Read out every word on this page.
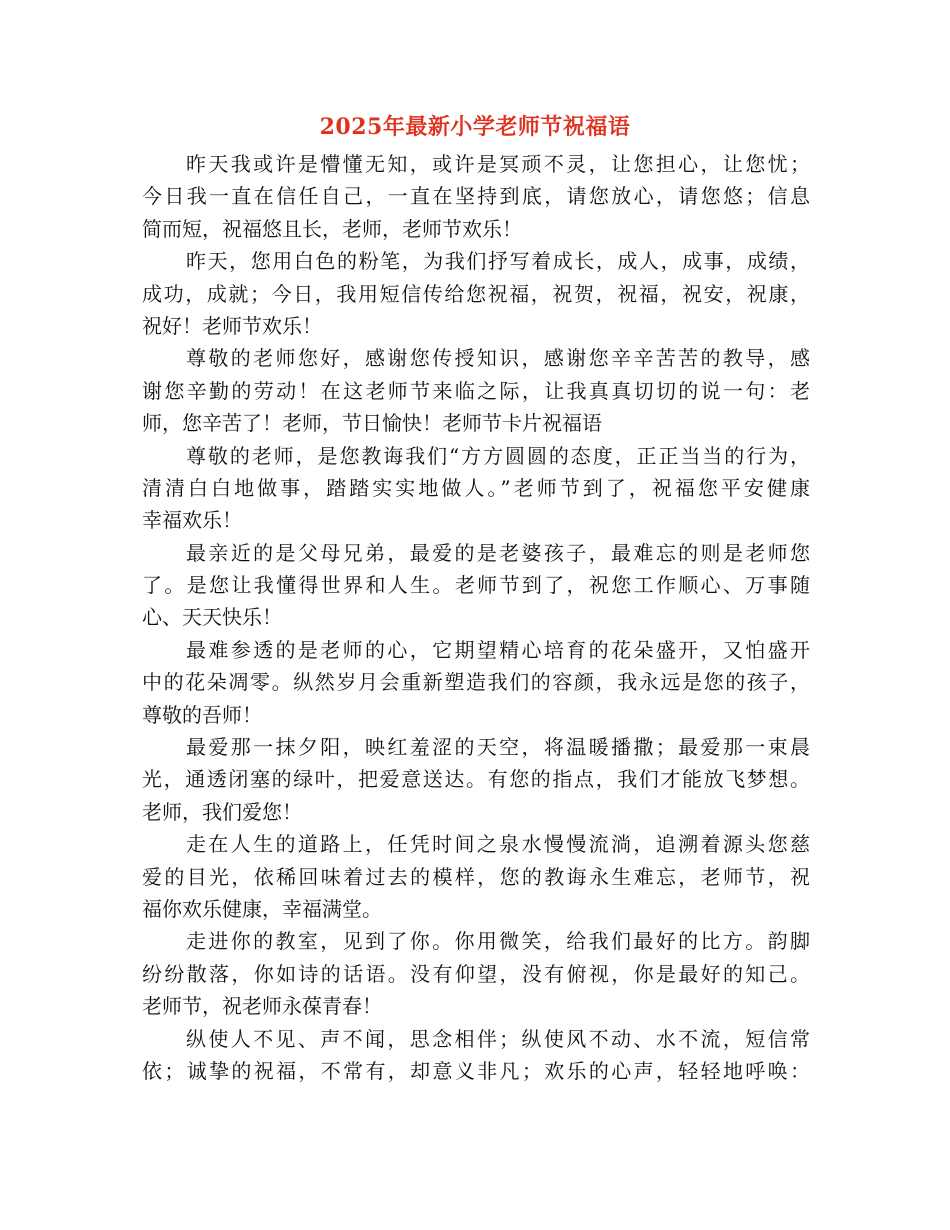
2025年最新小学老师节祝福语
昨天我或许是懵懂无知，或许是冥顽不灵，让您担心，让您忧；
今日我一直在信任自己，一直在坚持到底，请您放心，请您悠；信息
简而短，祝福悠且长，老师，老师节欢乐！
昨天，您用白色的粉笔，为我们抒写着成长，成人，成事，成绩，
成功，成就；今日，我用短信传给您祝福，祝贺，祝福，祝安，祝康，
祝好！老师节欢乐！
尊敬的老师您好，感谢您传授知识，感谢您辛辛苦苦的教导，感
谢您辛勤的劳动！在这老师节来临之际，让我真真切切的说一句：老
师，您辛苦了！老师，节日愉快！老师节卡片祝福语
尊敬的老师，是您教诲我们“方方圆圆的态度，正正当当的行为，
清清白白地做事，踏踏实实地做人。”老师节到了，祝福您平安健康
幸福欢乐！
最亲近的是父母兄弟，最爱的是老婆孩子，最难忘的则是老师您
了。是您让我懂得世界和人生。老师节到了，祝您工作顺心、万事随
心、天天快乐！
最难参透的是老师的心，它期望精心培育的花朵盛开，又怕盛开
中的花朵凋零。纵然岁月会重新塑造我们的容颜，我永远是您的孩子，
尊敬的吾师！
最爱那一抹夕阳，映红羞涩的天空，将温暖播撒；最爱那一束晨
光，通透闭塞的绿叶，把爱意送达。有您的指点，我们才能放飞梦想。
老师，我们爱您！
走在人生的道路上，任凭时间之泉水慢慢流淌，追溯着源头您慈
爱的目光，依稀回味着过去的模样，您的教诲永生难忘，老师节，祝
福你欢乐健康，幸福满堂。
走进你的教室，见到了你。你用微笑，给我们最好的比方。韵脚
纷纷散落，你如诗的话语。没有仰望，没有俯视，你是最好的知己。
老师节，祝老师永葆青春！
纵使人不见、声不闻，思念相伴；纵使风不动、水不流，短信常
依；诚挚的祝福，不常有，却意义非凡；欢乐的心声，轻轻地呼唤：
